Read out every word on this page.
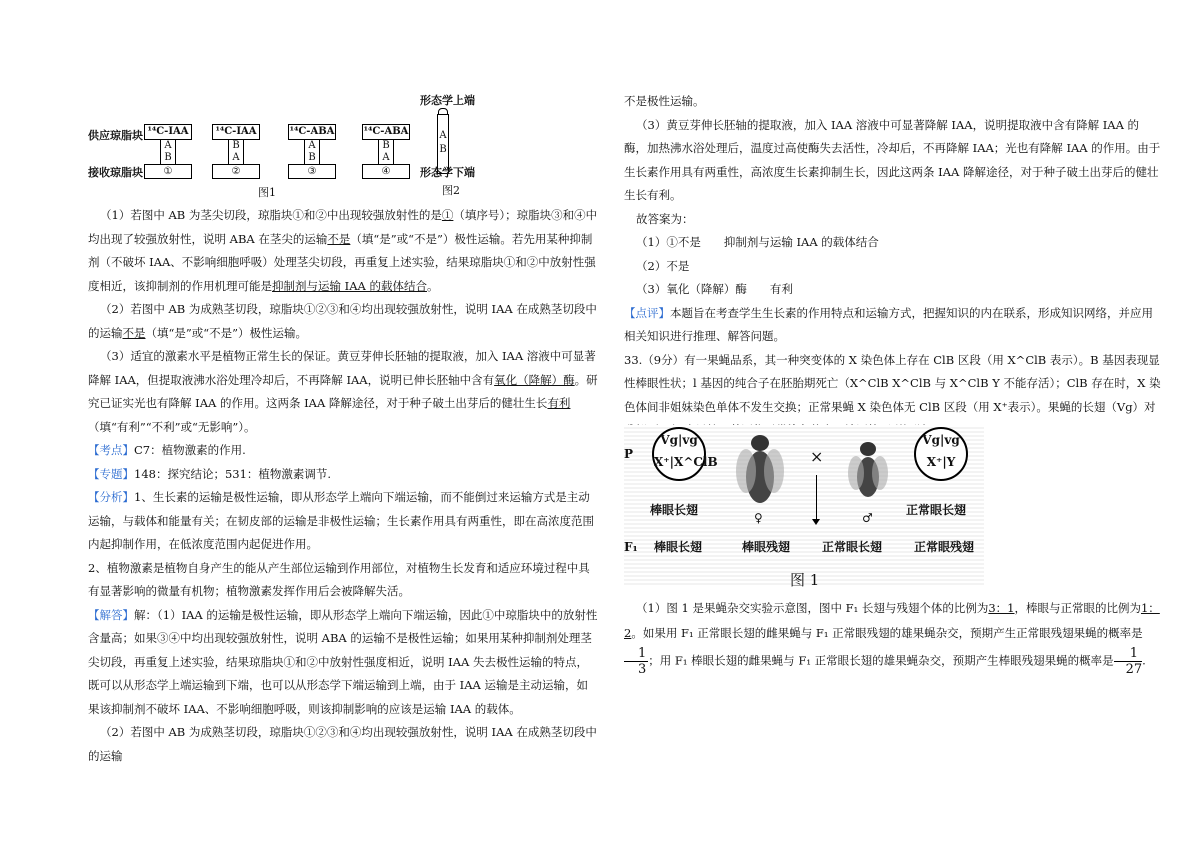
供应琼脂块
接收琼脂块
¹⁴C-IAA
A
B
①
¹⁴C-IAA
B
A
②
¹⁴C-ABA
A
B
③
¹⁴C-ABA
B
A
④
图1
形态学上端

A
B
形态学下端
图2

（1）若图中 AB 为茎尖切段，琼脂块①和②中出现较强放射性的是①（填序号）；琼脂块③和④中均出现了较强放射性，说明 ABA 在茎尖的运输不是（填“是”或“不是”）极性运输。若先用某种抑制剂（不破坏 IAA、不影响细胞呼吸）处理茎尖切段，再重复上述实验，结果琼脂块①和②中放射性强度相近，该抑制剂的作用机理可能是抑制剂与运输 IAA 的载体结合。

（2）若图中 AB 为成熟茎切段，琼脂块①②③和④均出现较强放射性，说明 IAA 在成熟茎切段中的运输不是（填“是”或“不是”）极性运输。

（3）适宜的激素水平是植物正常生长的保证。黄豆芽伸长胚轴的提取液，加入 IAA 溶液中可显著降解 IAA，但提取液沸水浴处理冷却后，不再降解 IAA，说明已伸长胚轴中含有氧化（降解）酶。研究已证实光也有降解 IAA 的作用。这两条 IAA 降解途径，对于种子破土出芽后的健壮生长有利（填“有利”“不利”或“无影响”）。

【考点】C7：植物激素的作用.

【专题】148：探究结论；531：植物激素调节.

【分析】1、生长素的运输是极性运输，即从形态学上端向下端运输，而不能倒过来运输方式是主动运输，与载体和能量有关；在韧皮部的运输是非极性运输；生长素作用具有两重性，即在高浓度范围内起抑制作用，在低浓度范围内起促进作用。

2、植物激素是植物自身产生的能从产生部位运输到作用部位，对植物生长发育和适应环境过程中具有显著影响的微量有机物；植物激素发挥作用后会被降解失活。

【解答】解：（1）IAA 的运输是极性运输，即从形态学上端向下端运输，因此①中琼脂块中的放射性含量高；如果③④中均出现较强放射性，说明 ABA 的运输不是极性运输；如果用某种抑制剂处理茎尖切段，再重复上述实验，结果琼脂块①和②中放射性强度相近，说明 IAA 失去极性运输的特点，既可以从形态学上端运输到下端，也可以从形态学下端运输到上端，由于 IAA 运输是主动运输，如果该抑制剂不破坏 IAA、不影响细胞呼吸，则该抑制影响的应该是运输 IAA 的载体。

（2）若图中 AB 为成熟茎切段，琼脂块①②③和④均出现较强放射性，说明 IAA 在成熟茎切段中的运输

不是极性运输。

（3）黄豆芽伸长胚轴的提取液，加入 IAA 溶液中可显著降解 IAA，说明提取液中含有降解 IAA 的酶，加热沸水浴处理后，温度过高使酶失去活性，冷却后，不再降解 IAA；光也有降解 IAA 的作用。由于生长素作用具有两重性，高浓度生长素抑制生长，因此这两条 IAA 降解途径，对于种子破土出芽后的健壮生长有利。

故答案为：

（1）①不是　　抑制剂与运输 IAA 的载体结合

（2）不是

（3）氧化（降解）酶　　有利

【点评】本题旨在考查学生生长素的作用特点和运输方式，把握知识的内在联系，形成知识网络，并应用相关知识进行推理、解答问题。

33.（9分）有一果蝇品系，其一种突变体的 X 染色体上存在 ClB 区段（用 X^ClB 表示）。B 基因表现显性棒眼性状；l 基因的纯合子在胚胎期死亡（X^ClB X^ClB 与 X^ClB Y 不能存活）；ClB 存在时，X 染色体间非姐妹染色单体不发生交换；正常果蝇 X 染色体无 ClB 区段（用 X⁺表示）。果蝇的长翅（Vg）对

P
F₁
Vg|vg
X⁺|X^ClB
棒眼长翅
♀
×
♂
Vg|vg
X⁺|Y
正常眼长翅
棒眼长翅	棒眼残翅	正常眼长翅	正常眼残翅
图 1

（1）图 1 是果蝇杂交实验示意图，图中 F₁ 长翅与残翅个体的比例为3：1，棒眼与正常眼的比例为1：2。如果用 F₁ 正常眼长翅的雌果蝇与 F₁ 正常眼残翅的雄果蝇杂交，预期产生正常眼残翅果蝇的概率是
$\frac{1}{3}$ ；用 F₁ 棒眼长翅的雌果蝇与 F₁ 正常眼长翅的雄果蝇杂交，预期产生棒眼残翅果蝇的概率是 $\frac{1}{27}$ .
